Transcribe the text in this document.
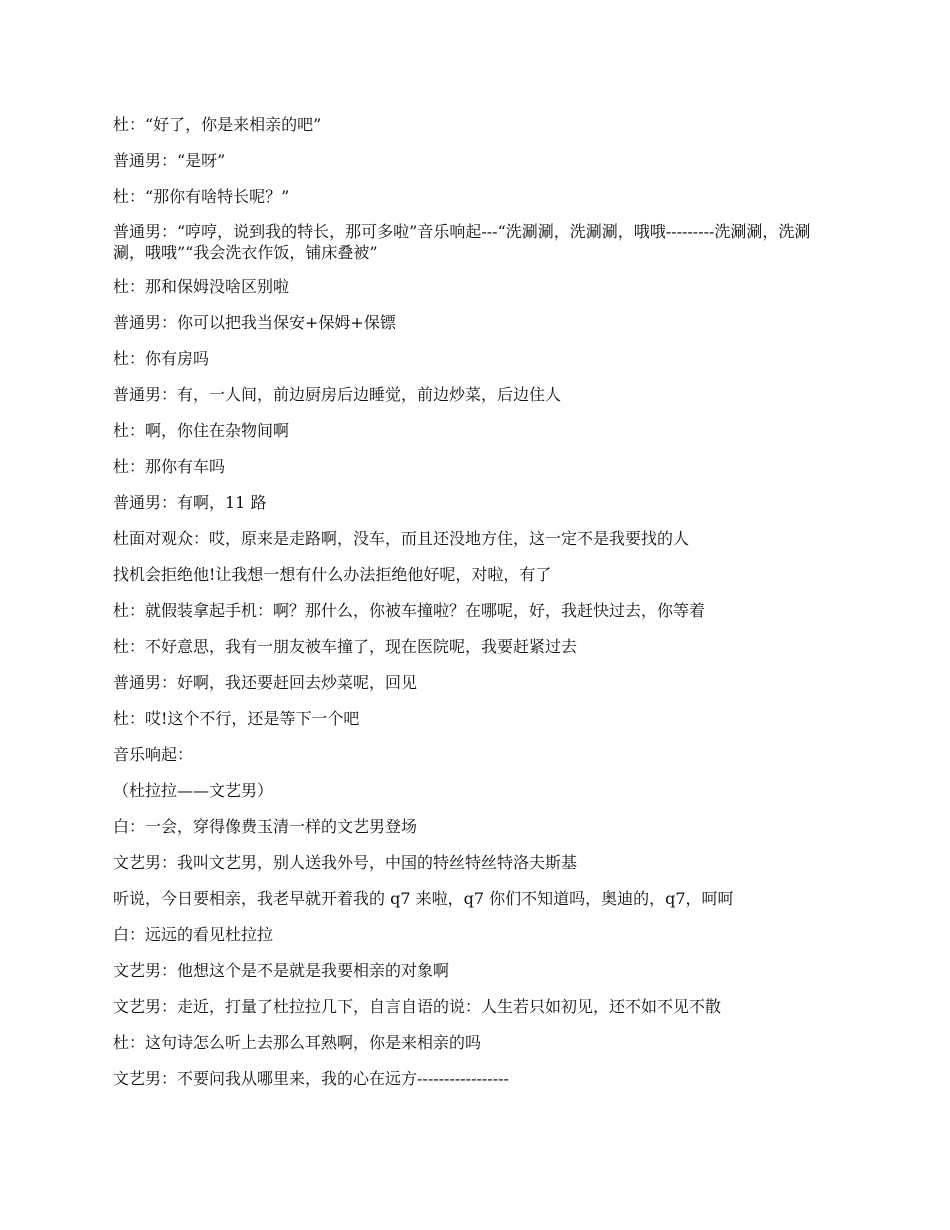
杜：“好了，你是来相亲的吧”

普通男：“是呀”

杜：“那你有啥特长呢？”

普通男：“哼哼，说到我的特长，那可多啦”音乐响起---“洗涮涮，洗涮涮，哦哦---------洗涮涮，洗涮涮，哦哦”“我会洗衣作饭，铺床叠被”

杜：那和保姆没啥区别啦

普通男：你可以把我当保安+保姆+保镖

杜：你有房吗

普通男：有，一人间，前边厨房后边睡觉，前边炒菜，后边住人

杜：啊，你住在杂物间啊

杜：那你有车吗

普通男：有啊，11 路

杜面对观众：哎，原来是走路啊，没车，而且还没地方住，这一定不是我要找的人

找机会拒绝他!让我想一想有什么办法拒绝他好呢，对啦，有了

杜：就假装拿起手机：啊？那什么，你被车撞啦？在哪呢，好，我赶快过去，你等着

杜：不好意思，我有一朋友被车撞了，现在医院呢，我要赶紧过去

普通男：好啊，我还要赶回去炒菜呢，回见

杜：哎!这个不行，还是等下一个吧

音乐响起：

（杜拉拉——文艺男）

白：一会，穿得像费玉清一样的文艺男登场

文艺男：我叫文艺男，别人送我外号，中国的特丝特丝特洛夫斯基

听说，今日要相亲，我老早就开着我的 q7 来啦，q7 你们不知道吗，奥迪的，q7，呵呵

白：远远的看见杜拉拉

文艺男：他想这个是不是就是我要相亲的对象啊

文艺男：走近，打量了杜拉拉几下，自言自语的说：人生若只如初见，还不如不见不散

杜：这句诗怎么听上去那么耳熟啊，你是来相亲的吗

文艺男：不要问我从哪里来，我的心在远方-----------------
